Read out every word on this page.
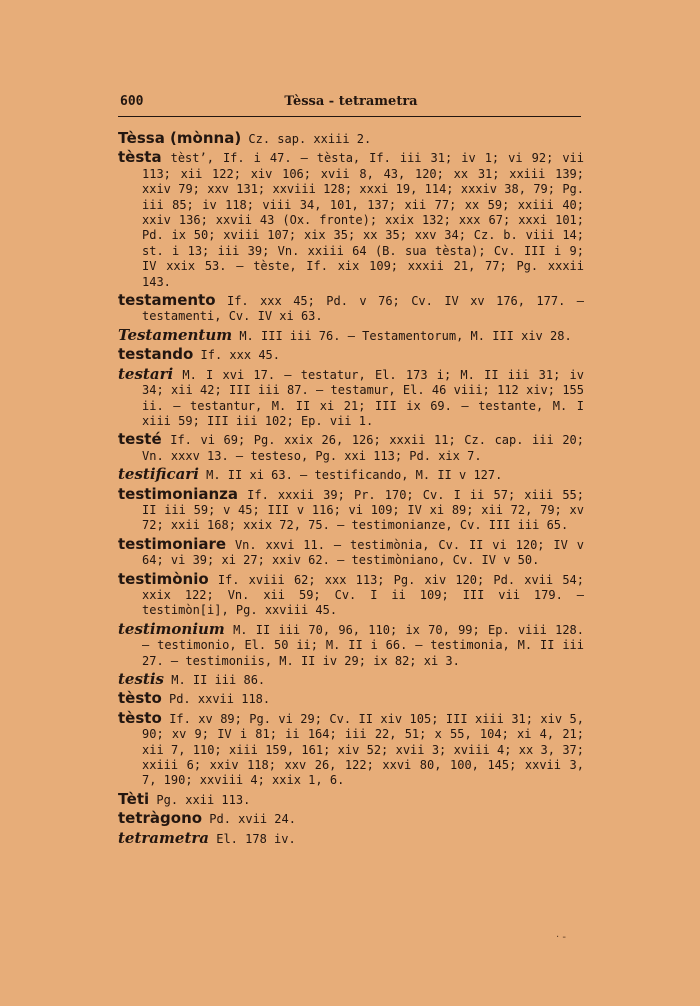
600	Tèssa - tetrametra
Tèssa (mònna) Cz. sap. xxiii 2.
tèsta tèst’, If. i 47. – tèsta, If. iii 31; iv 1; vi 92; vii 113; xii 122; xiv 106; xvii 8, 43, 120; xx 31; xxiii 139; xxiv 79; xxv 131; xxviii 128; xxxi 19, 114; xxxiv 38, 79; Pg. iii 85; iv 118; viii 34, 101, 137; xii 77; xx 59; xxiii 40; xxiv 136; xxvii 43 (Ox. fronte); xxix 132; xxx 67; xxxi 101; Pd. ix 50; xviii 107; xix 35; xx 35; xxv 34; Cz. b. viii 14; st. i 13; iii 39; Vn. xxiii 64 (B. sua tèsta); Cv. III i 9; IV xxix 53. – tèste, If. xix 109; xxxii 21, 77; Pg. xxxii 143.
testamento If. xxx 45; Pd. v 76; Cv. IV xv 176, 177. – testamenti, Cv. IV xi 63.
Testamentum M. III iii 76. – Testamentorum, M. III xiv 28.
testando If. xxx 45.
testari M. I xvi 17. – testatur, El. 173 i; M. II iii 31; iv 34; xii 42; III iii 87. – testamur, El. 46 viii; 112 xiv; 155 ii. – testantur, M. II xi 21; III ix 69. – testante, M. I xiii 59; III iii 102; Ep. vii 1.
testé If. vi 69; Pg. xxix 26, 126; xxxii 11; Cz. cap. iii 20; Vn. xxxv 13. – testeso, Pg. xxi 113; Pd. xix 7.
testificari M. II xi 63. – testificando, M. II v 127.
testimonianza If. xxxii 39; Pr. 170; Cv. I ii 57; xiii 55; II iii 59; v 45; III v 116; vi 109; IV xi 89; xii 72, 79; xv 72; xxii 168; xxix 72, 75. – testimonianze, Cv. III iii 65.
testimoniare Vn. xxvi 11. – testimònia, Cv. II vi 120; IV v 64; vi 39; xi 27; xxiv 62. – testimòniano, Cv. IV v 50.
testimònio If. xviii 62; xxx 113; Pg. xiv 120; Pd. xvii 54; xxix 122; Vn. xii 59; Cv. I ii 109; III vii 179. – testimòn[i], Pg. xxviii 45.
testimonium M. II iii 70, 96, 110; ix 70, 99; Ep. viii 128. – testimonio, El. 50 ii; M. II i 66. – testimonia, M. II iii 27. – testimoniis, M. II iv 29; ix 82; xi 3.
testis M. II iii 86.
tèsto Pd. xxvii 118.
tèsto If. xv 89; Pg. vi 29; Cv. II xiv 105; III xiii 31; xiv 5, 90; xv 9; IV i 81; ii 164; iii 22, 51; x 55, 104; xi 4, 21; xii 7, 110; xiii 159, 161; xiv 52; xvii 3; xviii 4; xx 3, 37; xxiii 6; xxiv 118; xxv 26, 122; xxvi 80, 100, 145; xxvii 3, 7, 190; xxviii 4; xxix 1, 6.
Tèti Pg. xxii 113.
tetràgono Pd. xvii 24.
tetrametra El. 178 iv.
· -
